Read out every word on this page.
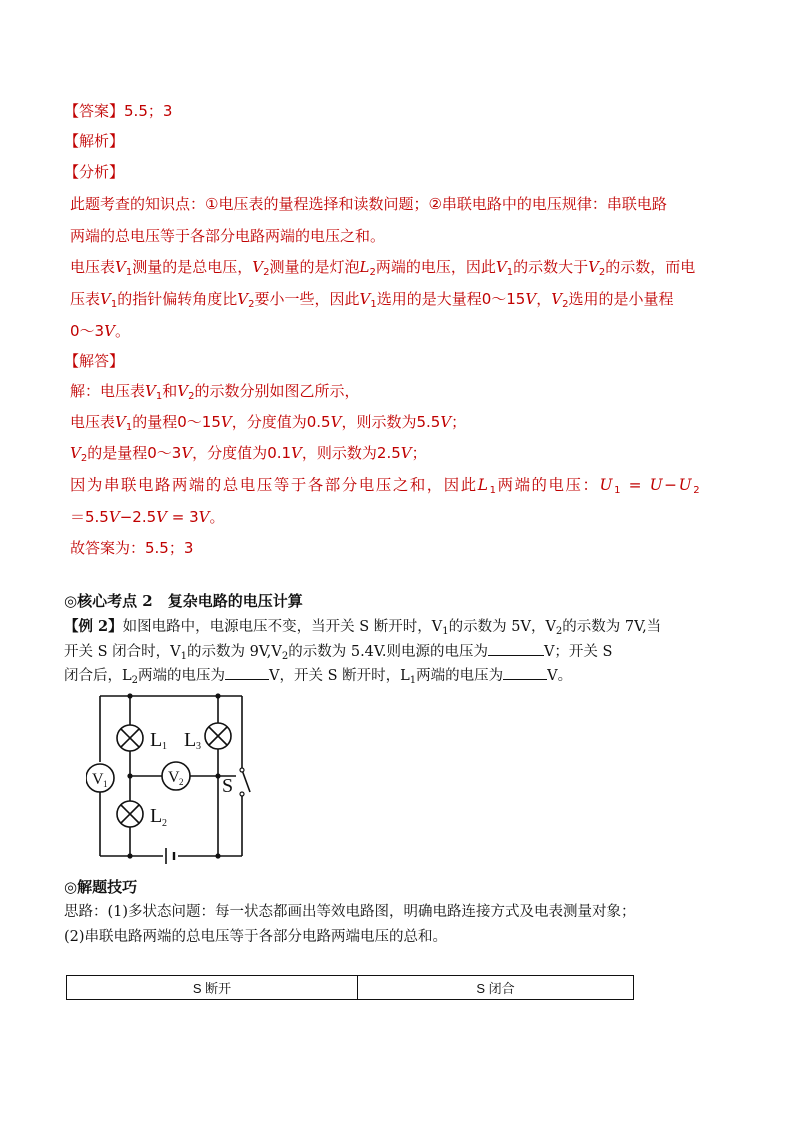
【答案】5.5；3
【解析】
【分析】
此题考查的知识点：①电压表的量程选择和读数问题；②串联电路中的电压规律：串联电路
两端的总电压等于各部分电路两端的电压之和。
电压表$V_1$测量的是总电压，$V_2$测量的是灯泡$L_2$两端的电压，因此$V_1$的示数大于$V_2$的示数，而电
压表$V_1$的指针偏转角度比$V_2$要小一些，因此$V_1$选用的是大量程0～15V，$V_2$选用的是小量程
0～3V。
【解答】
解：电压表$V_1$和$V_2$的示数分别如图乙所示，
电压表$V_1$的量程0～15V，分度值为0.5V，则示数为5.5V；
$V_2$的是量程0～3V，分度值为0.1V，则示数为2.5V；
因为串联电路两端的总电压等于各部分电压之和，因此L1两端的电压：U1 = U−U2
＝5.5V−2.5V = 3V。
故答案为：5.5；3
◎核心考点 2　复杂电路的电压计算
【例 2】如图电路中，电源电压不变，当开关 S 断开时，$V_1$的示数为 5V，$V_2$的示数为 7V,当
开关 S 闭合时，$V_1$的示数为 $9V,V_2$的示数为 5.4V.则电源的电压为	V；开关 S
闭合后，$L_2$两端的电压为	V，开关 S 断开时，$L_1$两端的电压为	V。
V 1	V 2
L 1 L 3
L 2
S
◎解题技巧
思路：(1)多状态问题：每一状态都画出等效电路图，明确电路连接方式及电表测量对象；
(2)串联电路两端的总电压等于各部分电路两端电压的总和。
S 断开	S 闭合
